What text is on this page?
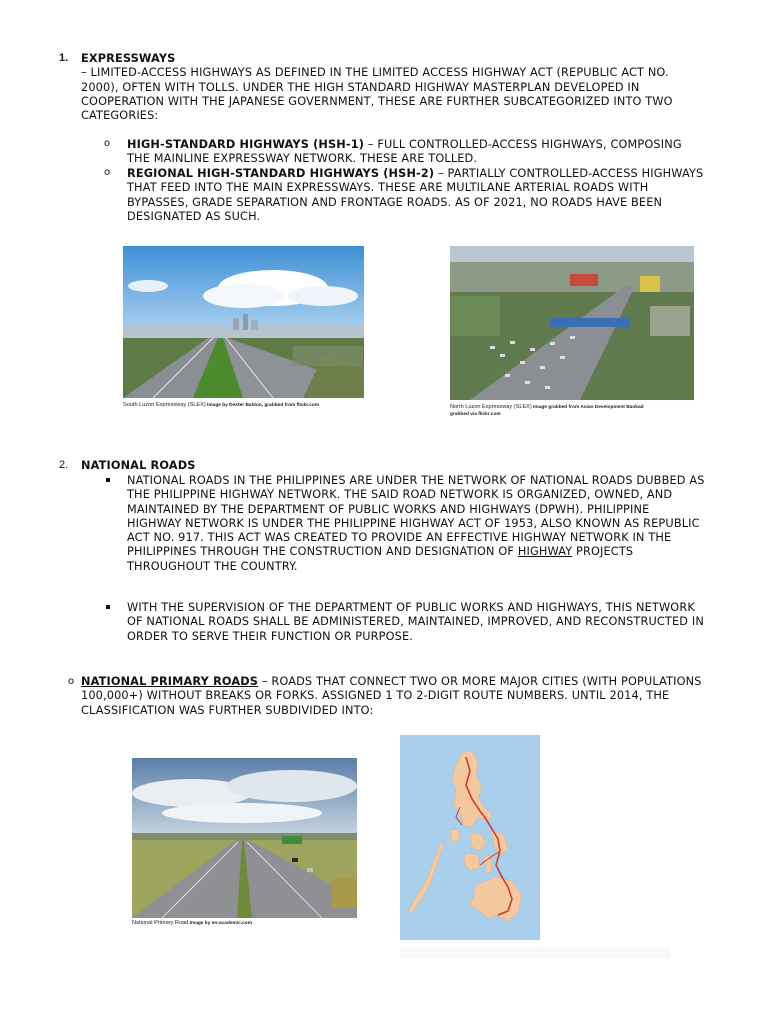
1. EXPRESSWAYS
– LIMITED-ACCESS HIGHWAYS AS DEFINED IN THE LIMITED ACCESS HIGHWAY ACT (REPUBLIC ACT NO. 2000), OFTEN WITH TOLLS. UNDER THE HIGH STANDARD HIGHWAY MASTERPLAN DEVELOPED IN COOPERATION WITH THE JAPANESE GOVERNMENT, THESE ARE FURTHER SUBCATEGORIZED INTO TWO CATEGORIES:
o HIGH-STANDARD HIGHWAYS (HSH-1) – FULL CONTROLLED-ACCESS HIGHWAYS, COMPOSING THE MAINLINE EXPRESSWAY NETWORK. THESE ARE TOLLED.
o REGIONAL HIGH-STANDARD HIGHWAYS (HSH-2) – PARTIALLY CONTROLLED-ACCESS HIGHWAYS THAT FEED INTO THE MAIN EXPRESSWAYS. THESE ARE MULTILANE ARTERIAL ROADS WITH BYPASSES, GRADE SEPARATION AND FRONTAGE ROADS. AS OF 2021, NO ROADS HAVE BEEN DESIGNATED AS SUCH.
South Luzon Expressway (SLEX) Image by Dexter Baldon, grabbed from flickr.com	North Luzon Expressway (SLEX) Image grabbed from Asian Development Bankad
grabbed via flickr.com
2. NATIONAL ROADS
NATIONAL ROADS IN THE PHILIPPINES ARE UNDER THE NETWORK OF NATIONAL ROADS DUBBED AS THE PHILIPPINE HIGHWAY NETWORK. THE SAID ROAD NETWORK IS ORGANIZED, OWNED, AND MAINTAINED BY THE DEPARTMENT OF PUBLIC WORKS AND HIGHWAYS (DPWH). PHILIPPINE HIGHWAY NETWORK IS UNDER THE PHILIPPINE HIGHWAY ACT OF 1953, ALSO KNOWN AS REPUBLIC ACT NO. 917. THIS ACT WAS CREATED TO PROVIDE AN EFFECTIVE HIGHWAY NETWORK IN THE PHILIPPINES THROUGH THE CONSTRUCTION AND DESIGNATION OF HIGHWAY PROJECTS THROUGHOUT THE COUNTRY.
WITH THE SUPERVISION OF THE DEPARTMENT OF PUBLIC WORKS AND HIGHWAYS, THIS NETWORK OF NATIONAL ROADS SHALL BE ADMINISTERED, MAINTAINED, IMPROVED, AND RECONSTRUCTED IN ORDER TO SERVE THEIR FUNCTION OR PURPOSE.
o NATIONAL PRIMARY ROADS – ROADS THAT CONNECT TWO OR MORE MAJOR CITIES (WITH POPULATIONS 100,000+) WITHOUT BREAKS OR FORKS. ASSIGNED 1 TO 2-DIGIT ROUTE NUMBERS. UNTIL 2014, THE CLASSIFICATION WAS FURTHER SUBDIVIDED INTO:
National Primary Road Image by en-academic.com
